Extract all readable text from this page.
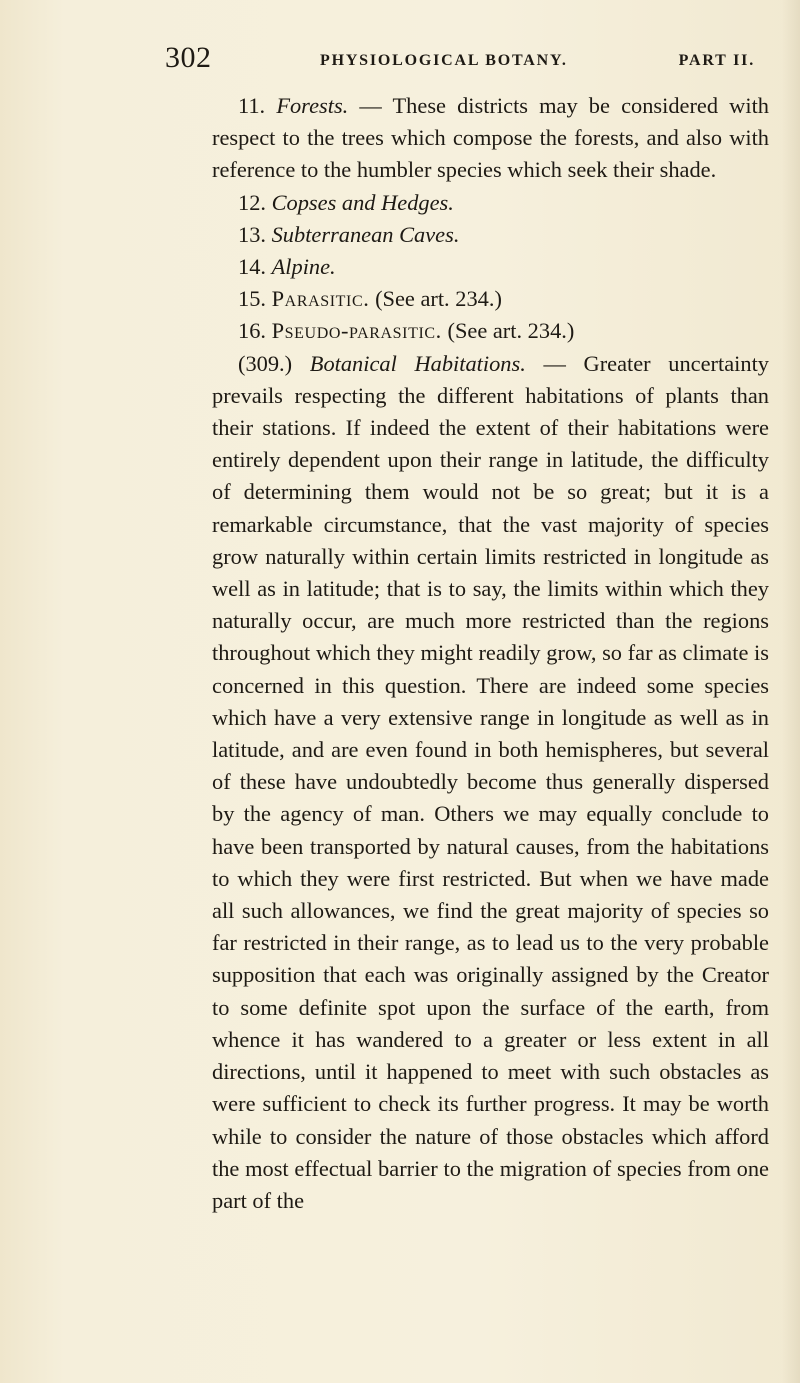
302	PHYSIOLOGICAL BOTANY.	PART II.

11. Forests. — These districts may be considered with respect to the trees which compose the forests, and also with reference to the humbler species which seek their shade.

12. Copses and Hedges.

13. Subterranean Caves.

14. Alpine.

15. Parasitic. (See art. 234.)

16. Pseudo-parasitic. (See art. 234.)

(309.) Botanical Habitations. — Greater uncertainty prevails respecting the different habitations of plants than their stations. If indeed the extent of their habitations were entirely dependent upon their range in latitude, the difficulty of determining them would not be so great; but it is a remarkable circumstance, that the vast majority of species grow naturally within certain limits restricted in longitude as well as in latitude; that is to say, the limits within which they naturally occur, are much more restricted than the regions throughout which they might readily grow, so far as climate is concerned in this question. There are indeed some species which have a very extensive range in longitude as well as in latitude, and are even found in both hemispheres, but several of these have undoubtedly become thus generally dispersed by the agency of man. Others we may equally conclude to have been transported by natural causes, from the habitations to which they were first restricted. But when we have made all such allowances, we find the great majority of species so far restricted in their range, as to lead us to the very probable supposition that each was originally assigned by the Creator to some definite spot upon the surface of the earth, from whence it has wandered to a greater or less extent in all directions, until it happened to meet with such obstacles as were sufficient to check its further progress. It may be worth while to consider the nature of those obstacles which afford the most effectual barrier to the migration of species from one part of the
